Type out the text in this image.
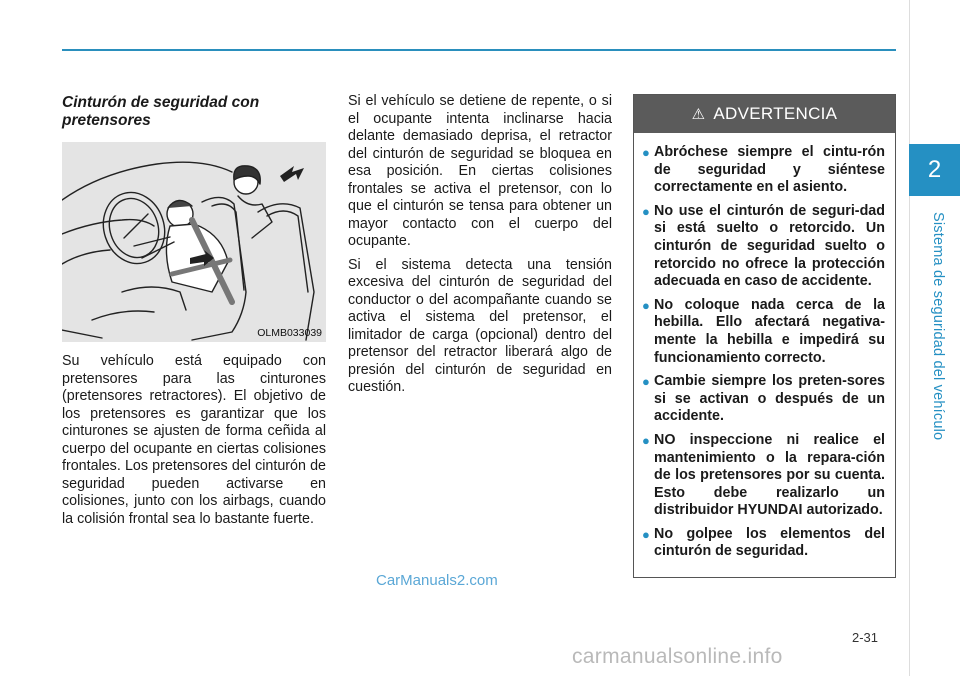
2
Sistema de seguridad del vehículo
Cinturón de seguridad con pretensores
OLMB033039

Su vehículo está equipado con pretensores para las cinturones (pretensores retractores). El objetivo de los pretensores es garantizar que los cinturones se ajusten de forma ceñida al cuerpo del ocupante en ciertas colisiones frontales. Los pretensores del cinturón de seguridad pueden activarse en colisiones, junto con los airbags, cuando la colisión frontal sea lo bastante fuerte.

Si el vehículo se detiene de repente, o si el ocupante intenta inclinarse hacia delante demasiado deprisa, el retractor del cinturón de seguridad se bloquea en esa posición. En ciertas colisiones frontales se activa el pretensor, con lo que el cinturón se tensa para obtener un mayor contacto con el cuerpo del ocupante.

Si el sistema detecta una tensión excesiva del cinturón de seguridad del conductor o del acompañante cuando se activa el sistema del pretensor, el limitador de carga (opcional) dentro del pretensor del retractor liberará algo de presión del cinturón de seguridad en cuestión.

⚠ ADVERTENCIA
● Abróchese siempre el cintu-rón de seguridad y siéntese correctamente en el asiento.
● No use el cinturón de seguri-dad si está suelto o retorcido. Un cinturón de seguridad suelto o retorcido no ofrece la protección adecuada en caso de accidente.
● No coloque nada cerca de la hebilla. Ello afectará negativa-mente la hebilla e impedirá su funcionamiento correcto.
● Cambie siempre los preten-sores si se activan o después de un accidente.
● NO inspeccione ni realice el mantenimiento o la repara-ción de los pretensores por su cuenta. Esto debe realizarlo un distribuidor HYUNDAI autorizado.
● No golpee los elementos del cinturón de seguridad.
CarManuals2.com
2-31
carmanualsonline.info
